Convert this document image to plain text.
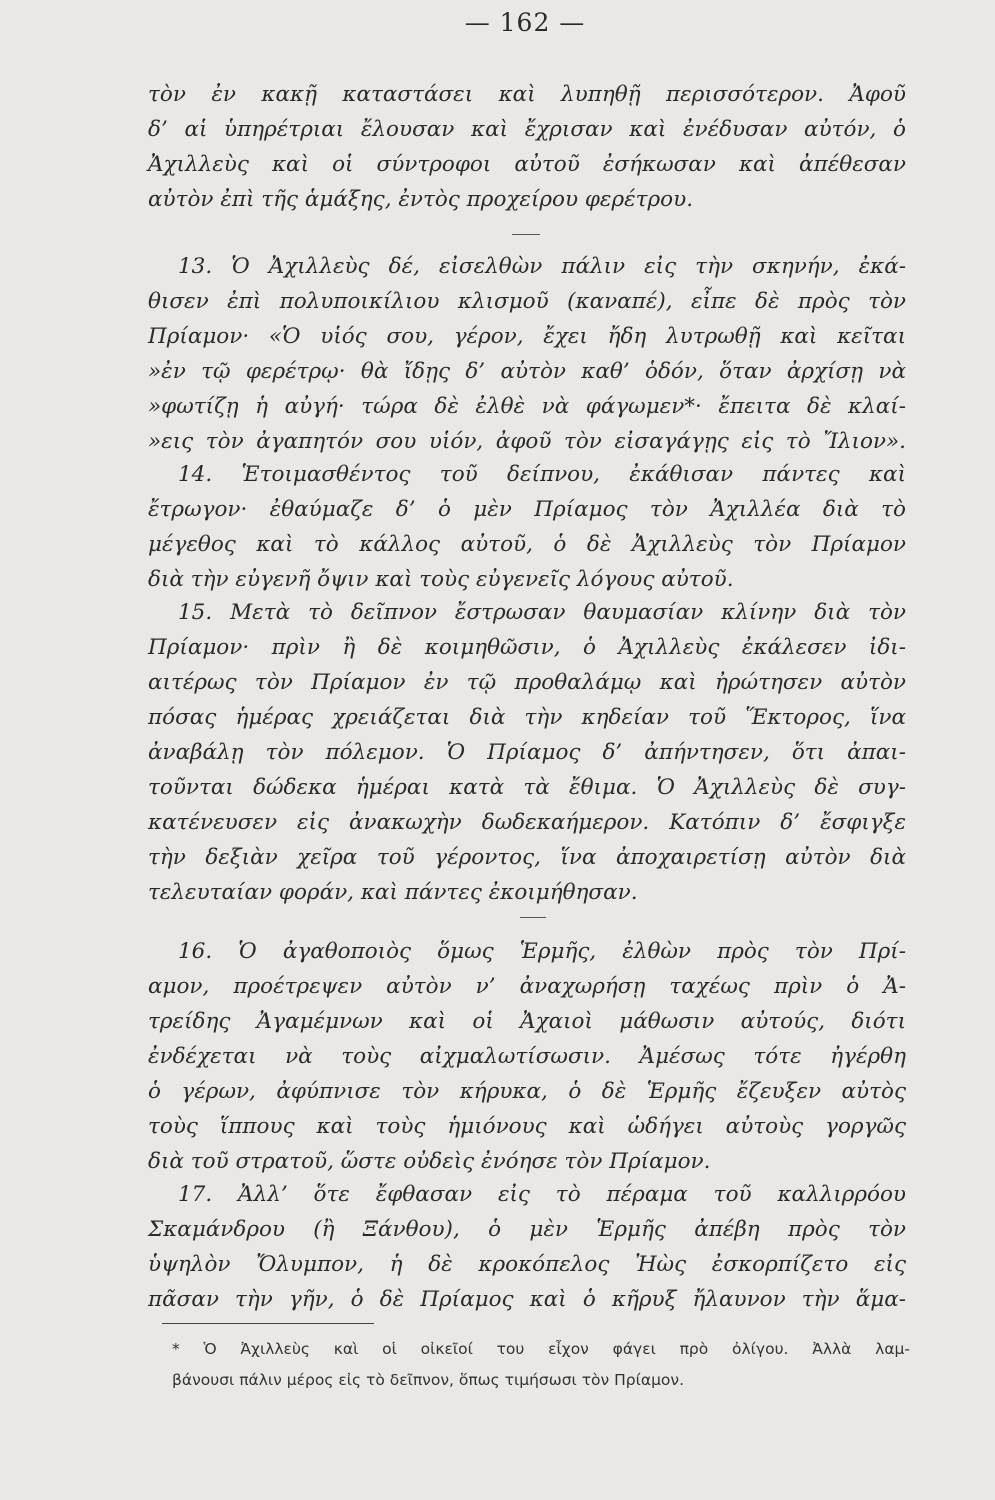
— 162 —
τὸν ἐν κακῇ καταστάσει καὶ λυπηθῇ περισσότερον. Ἀφοῦ
δ’ αἱ ὑπηρέτριαι ἔλουσαν καὶ ἔχρισαν καὶ ἐνέδυσαν αὐτόν, ὁ
Ἀχιλλεὺς καὶ οἱ σύντροφοι αὐτοῦ ἐσήκωσαν καὶ ἀπέθεσαν
αὐτὸν ἐπὶ τῆς ἁμάξης, ἐντὸς προχείρου φερέτρου.
13. Ὁ Ἀχιλλεὺς δέ, εἰσελθὼν πάλιν εἰς τὴν σκηνήν, ἐκά-
θισεν ἐπὶ πολυποικίλιου κλισμοῦ (καναπέ), εἶπε δὲ πρὸς τὸν
Πρίαμον· «Ὁ υἱός σου, γέρον, ἔχει ἤδη λυτρωθῇ καὶ κεῖται
»ἐν τῷ φερέτρῳ· θὰ ἴδῃς δ’ αὐτὸν καθ’ ὁδόν, ὅταν ἀρχίσῃ νὰ
»φωτίζῃ ἡ αὐγή· τώρα δὲ ἐλθὲ νὰ φάγωμεν*· ἔπειτα δὲ κλαί-
»εις τὸν ἀγαπητόν σου υἱόν, ἀφοῦ τὸν εἰσαγάγῃς εἰς τὸ Ἴλιον».
14. Ἑτοιμασθέντος τοῦ δείπνου, ἐκάθισαν πάντες καὶ
ἔτρωγον· ἐθαύμαζε δ’ ὁ μὲν Πρίαμος τὸν Ἀχιλλέα διὰ τὸ
μέγεθος καὶ τὸ κάλλος αὐτοῦ, ὁ δὲ Ἀχιλλεὺς τὸν Πρίαμον
διὰ τὴν εὐγενῆ ὄψιν καὶ τοὺς εὐγενεῖς λόγους αὐτοῦ.
15. Μετὰ τὸ δεῖπνον ἔστρωσαν θαυμασίαν κλίνην διὰ τὸν
Πρίαμον· πρὶν ἢ δὲ κοιμηθῶσιν, ὁ Ἀχιλλεὺς ἐκάλεσεν ἰδι-
αιτέρως τὸν Πρίαμον ἐν τῷ προθαλάμῳ καὶ ἠρώτησεν αὐτὸν
πόσας ἡμέρας χρειάζεται διὰ τὴν κηδείαν τοῦ Ἕκτορος, ἵνα
ἀναβάλῃ τὸν πόλεμον. Ὁ Πρίαμος δ’ ἀπήντησεν, ὅτι ἀπαι-
τοῦνται δώδεκα ἡμέραι κατὰ τὰ ἔθιμα. Ὁ Ἀχιλλεὺς δὲ συγ-
κατένευσεν εἰς ἀνακωχὴν δωδεκαήμερον. Κατόπιν δ’ ἔσφιγξε
τὴν δεξιὰν χεῖρα τοῦ γέροντος, ἵνα ἀποχαιρετίσῃ αὐτὸν διὰ
τελευταίαν φοράν, καὶ πάντες ἐκοιμήθησαν.
16. Ὁ ἀγαθοποιὸς ὅμως Ἑρμῆς, ἐλθὼν πρὸς τὸν Πρί-
αμον, προέτρεψεν αὐτὸν ν’ ἀναχωρήσῃ ταχέως πρὶν ὁ Ἀ-
τρείδης Ἀγαμέμνων καὶ οἱ Ἀχαιοὶ μάθωσιν αὐτούς, διότι
ἐνδέχεται νὰ τοὺς αἰχμαλωτίσωσιν. Ἀμέσως τότε ἠγέρθη
ὁ γέρων, ἀφύπνισε τὸν κήρυκα, ὁ δὲ Ἑρμῆς ἔζευξεν αὐτὸς
τοὺς ἵππους καὶ τοὺς ἡμιόνους καὶ ὡδήγει αὐτοὺς γοργῶς
διὰ τοῦ στρατοῦ, ὥστε οὐδεὶς ἐνόησε τὸν Πρίαμον.
17. Ἀλλ’ ὅτε ἔφθασαν εἰς τὸ πέραμα τοῦ καλλιρρόου
Σκαμάνδρου (ἢ Ξάνθου), ὁ μὲν Ἑρμῆς ἀπέβη πρὸς τὸν
ὑψηλὸν Ὄλυμπον, ἡ δὲ κροκόπελος Ἠὼς ἐσκορπίζετο εἰς
πᾶσαν τὴν γῆν, ὁ δὲ Πρίαμος καὶ ὁ κῆρυξ ἤλαυνον τὴν ἅμα-
* Ὁ Ἀχιλλεὺς καὶ οἱ οἰκεῖοί του εἶχον φάγει πρὸ ὀλίγου. Ἀλλὰ λαμ-
βάνουσι πάλιν μέρος εἰς τὸ δεῖπνον, ὅπως τιμήσωσι τὸν Πρίαμον.
